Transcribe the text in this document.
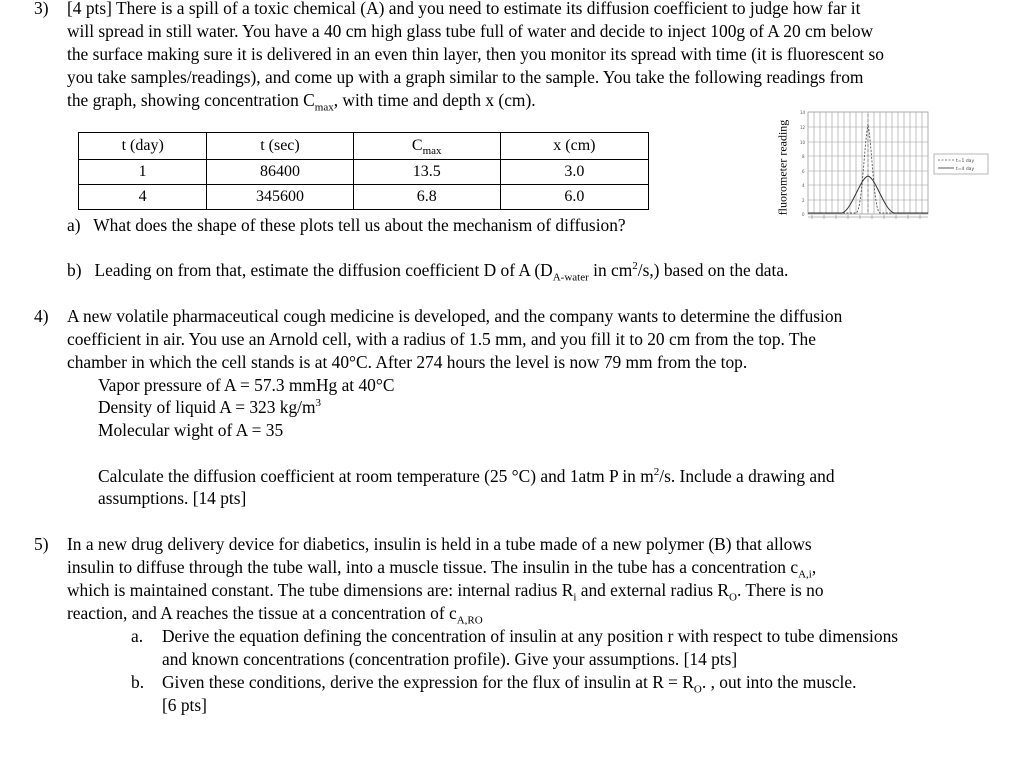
3) [4 pts] There is a spill of a toxic chemical (A) and you need to estimate its diffusion coefficient to judge how far it
will spread in still water. You have a 40 cm high glass tube full of water and decide to inject 100g of A 20 cm below
the surface making sure it is delivered in an even thin layer, then you monitor its spread with time (it is fluorescent so
you take samples/readings), and come up with a graph similar to the sample. You take the following readings from
the graph, showing concentration $C_{max}$, with time and depth x (cm).
t (day)	t (sec)	$C_{max}$	x (cm)
1	86400	13.5	3.0
4	345600	6.8	6.0	fluorometer reading
14
12
10
8
6
4
2
0
t=1 day
t=4 day
a) What does the shape of these plots tell us about the mechanism of diffusion?
b) Leading on from that, estimate the diffusion coefficient D of A ($D_{A-water}$ in $cm^2/s$,) based on the data.
4) A new volatile pharmaceutical cough medicine is developed, and the company wants to determine the diffusion
coefficient in air. You use an Arnold cell, with a radius of 1.5 mm, and you fill it to 20 cm from the top. The
chamber in which the cell stands is at 40°C. After 274 hours the level is now 79 mm from the top.
Vapor pressure of A = 57.3 mmHg at 40°C
Density of liquid A = 323 $kg/m^3$
Molecular wight of A = 35
Calculate the diffusion coefficient at room temperature (25 °C) and 1atm P in $m^2/s$. Include a drawing and
assumptions. [14 pts]
5) In a new drug delivery device for diabetics, insulin is held in a tube made of a new polymer (B) that allows
insulin to diffuse through the tube wall, into a muscle tissue. The insulin in the tube has a concentration $c_{A,i}$,
which is maintained constant. The tube dimensions are: internal radius $R_i$ and external radius $R_O$. There is no
reaction, and A reaches the tissue at a concentration of $c_{A,RO}$
a. Derive the equation defining the concentration of insulin at any position r with respect to tube dimensions
and known concentrations (concentration profile). Give your assumptions. [14 pts]
b. Given these conditions, derive the expression for the flux of insulin at $R = R_O$. , out into the muscle.
[6 pts]
